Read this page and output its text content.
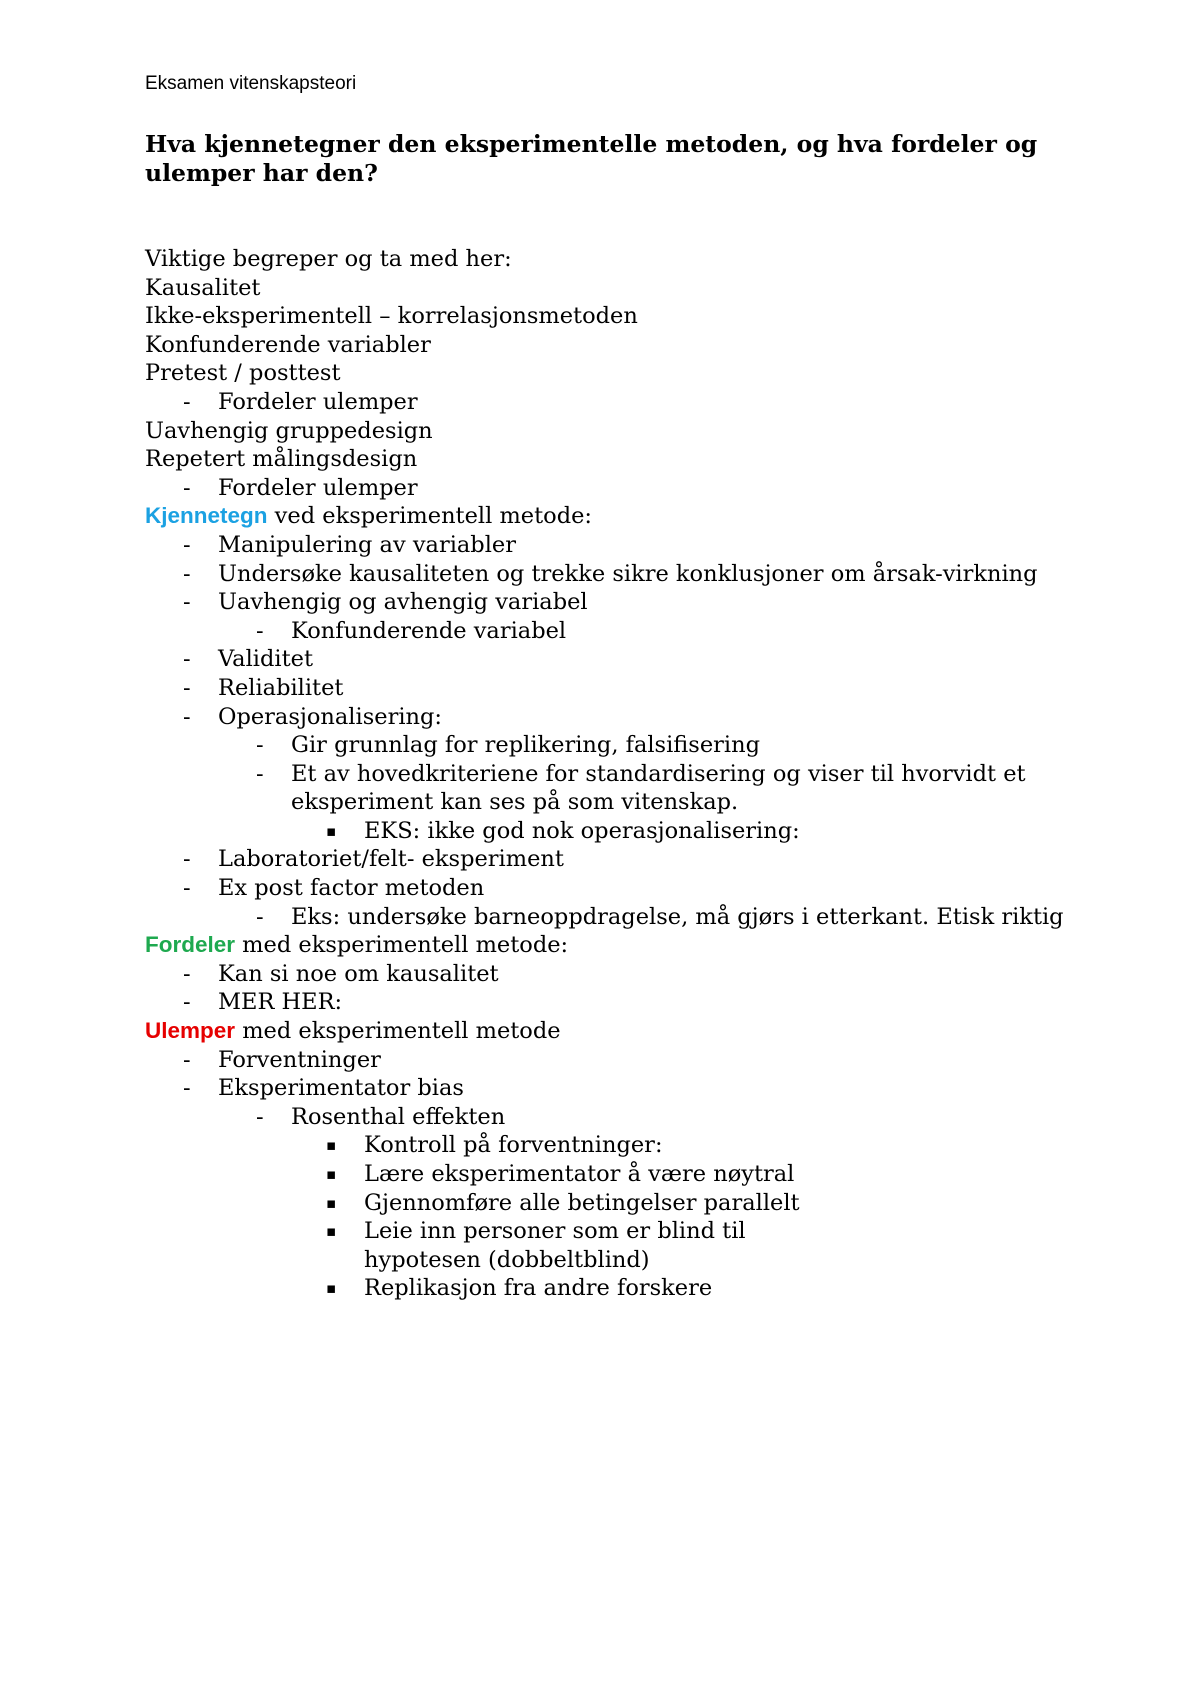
Eksamen vitenskapsteori

Hva kjennetegner den eksperimentelle metoden, og hva fordeler og ulemper har den?
Viktige begreper og ta med her:
Kausalitet
Ikke-eksperimentell – korrelasjonsmetoden
Konfunderende variabler
Pretest / posttest
- Fordeler ulemper
Uavhengig gruppedesign
Repetert målingsdesign
- Fordeler ulemper
Kjennetegn ved eksperimentell metode:
- Manipulering av variabler
- Undersøke kausaliteten og trekke sikre konklusjoner om årsak-virkning
- Uavhengig og avhengig variabel
- Konfunderende variabel
- Validitet
- Reliabilitet
- Operasjonalisering:
- Gir grunnlag for replikering, falsifisering
- Et av hovedkriteriene for standardisering og viser til hvorvidt et eksperiment kan ses på som vitenskap.
▪ EKS: ikke god nok operasjonalisering:
- Laboratoriet/felt- eksperiment
- Ex post factor metoden
- Eks: undersøke barneoppdragelse, må gjørs i etterkant. Etisk riktig
Fordeler med eksperimentell metode:
- Kan si noe om kausalitet
- MER HER:
Ulemper med eksperimentell metode
- Forventninger
- Eksperimentator bias
- Rosenthal effekten
▪ Kontroll på forventninger:
▪ Lære eksperimentator å være nøytral
▪ Gjennomføre alle betingelser parallelt
▪ Leie inn personer som er blind til hypotesen (dobbeltblind)
▪ Replikasjon fra andre forskere
